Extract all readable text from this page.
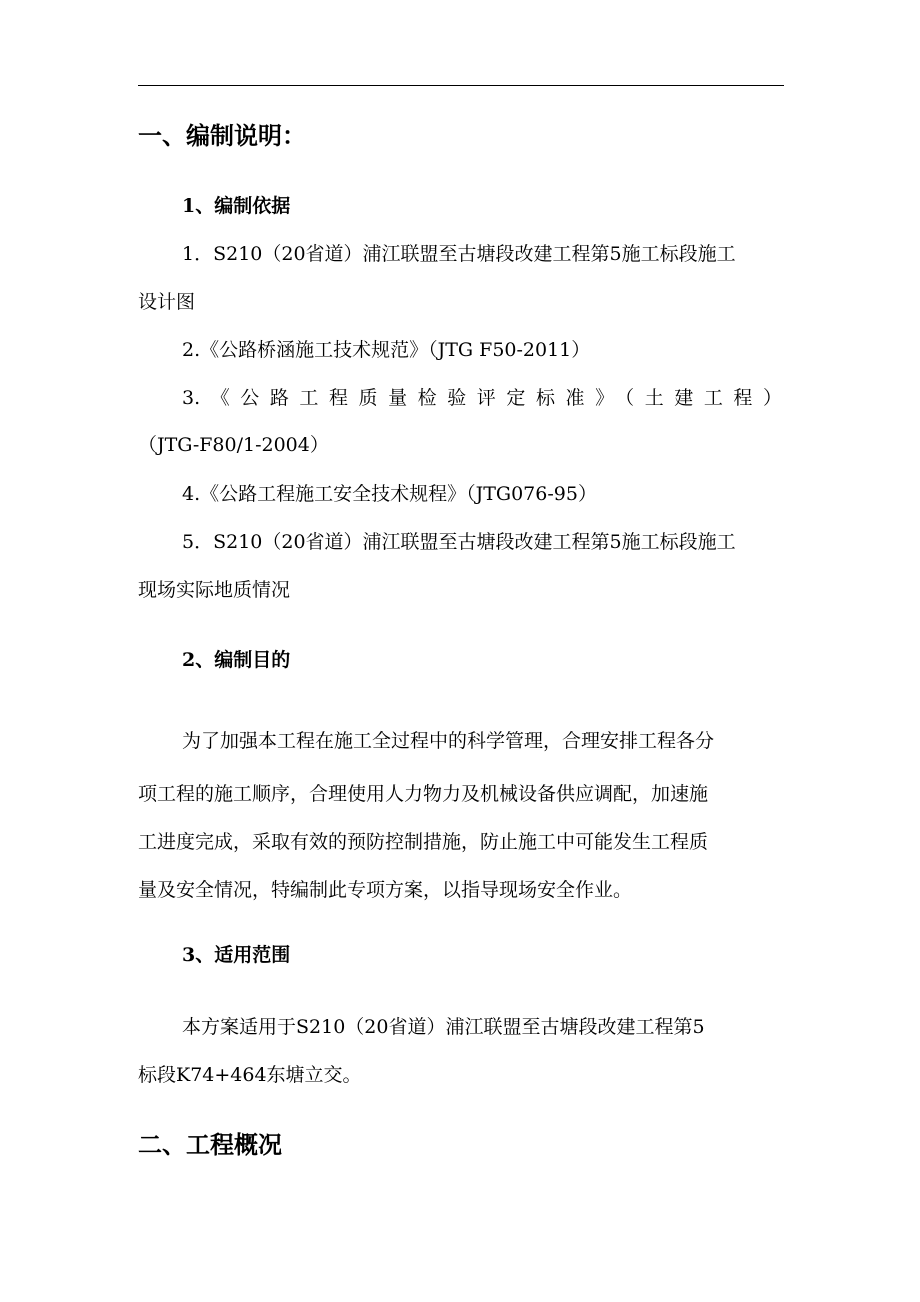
一、编制说明：
1、编制依据
1．S210（20省道）浦江联盟至古塘段改建工程第5施工标段施工
设计图
2.《公路桥涵施工技术规范》（JTG F50-2011）
3.《公路工程质量检验评定标准》（土建工程）
（JTG-F80/1-2004）
4.《公路工程施工安全技术规程》（JTG076-95）
5．S210（20省道）浦江联盟至古塘段改建工程第5施工标段施工
现场实际地质情况
2、编制目的
为了加强本工程在施工全过程中的科学管理，合理安排工程各分
项工程的施工顺序，合理使用人力物力及机械设备供应调配，加速施
工进度完成，采取有效的预防控制措施，防止施工中可能发生工程质
量及安全情况，特编制此专项方案，以指导现场安全作业。
3、适用范围
本方案适用于S210（20省道）浦江联盟至古塘段改建工程第5
标段K74+464东塘立交。
二、工程概况
